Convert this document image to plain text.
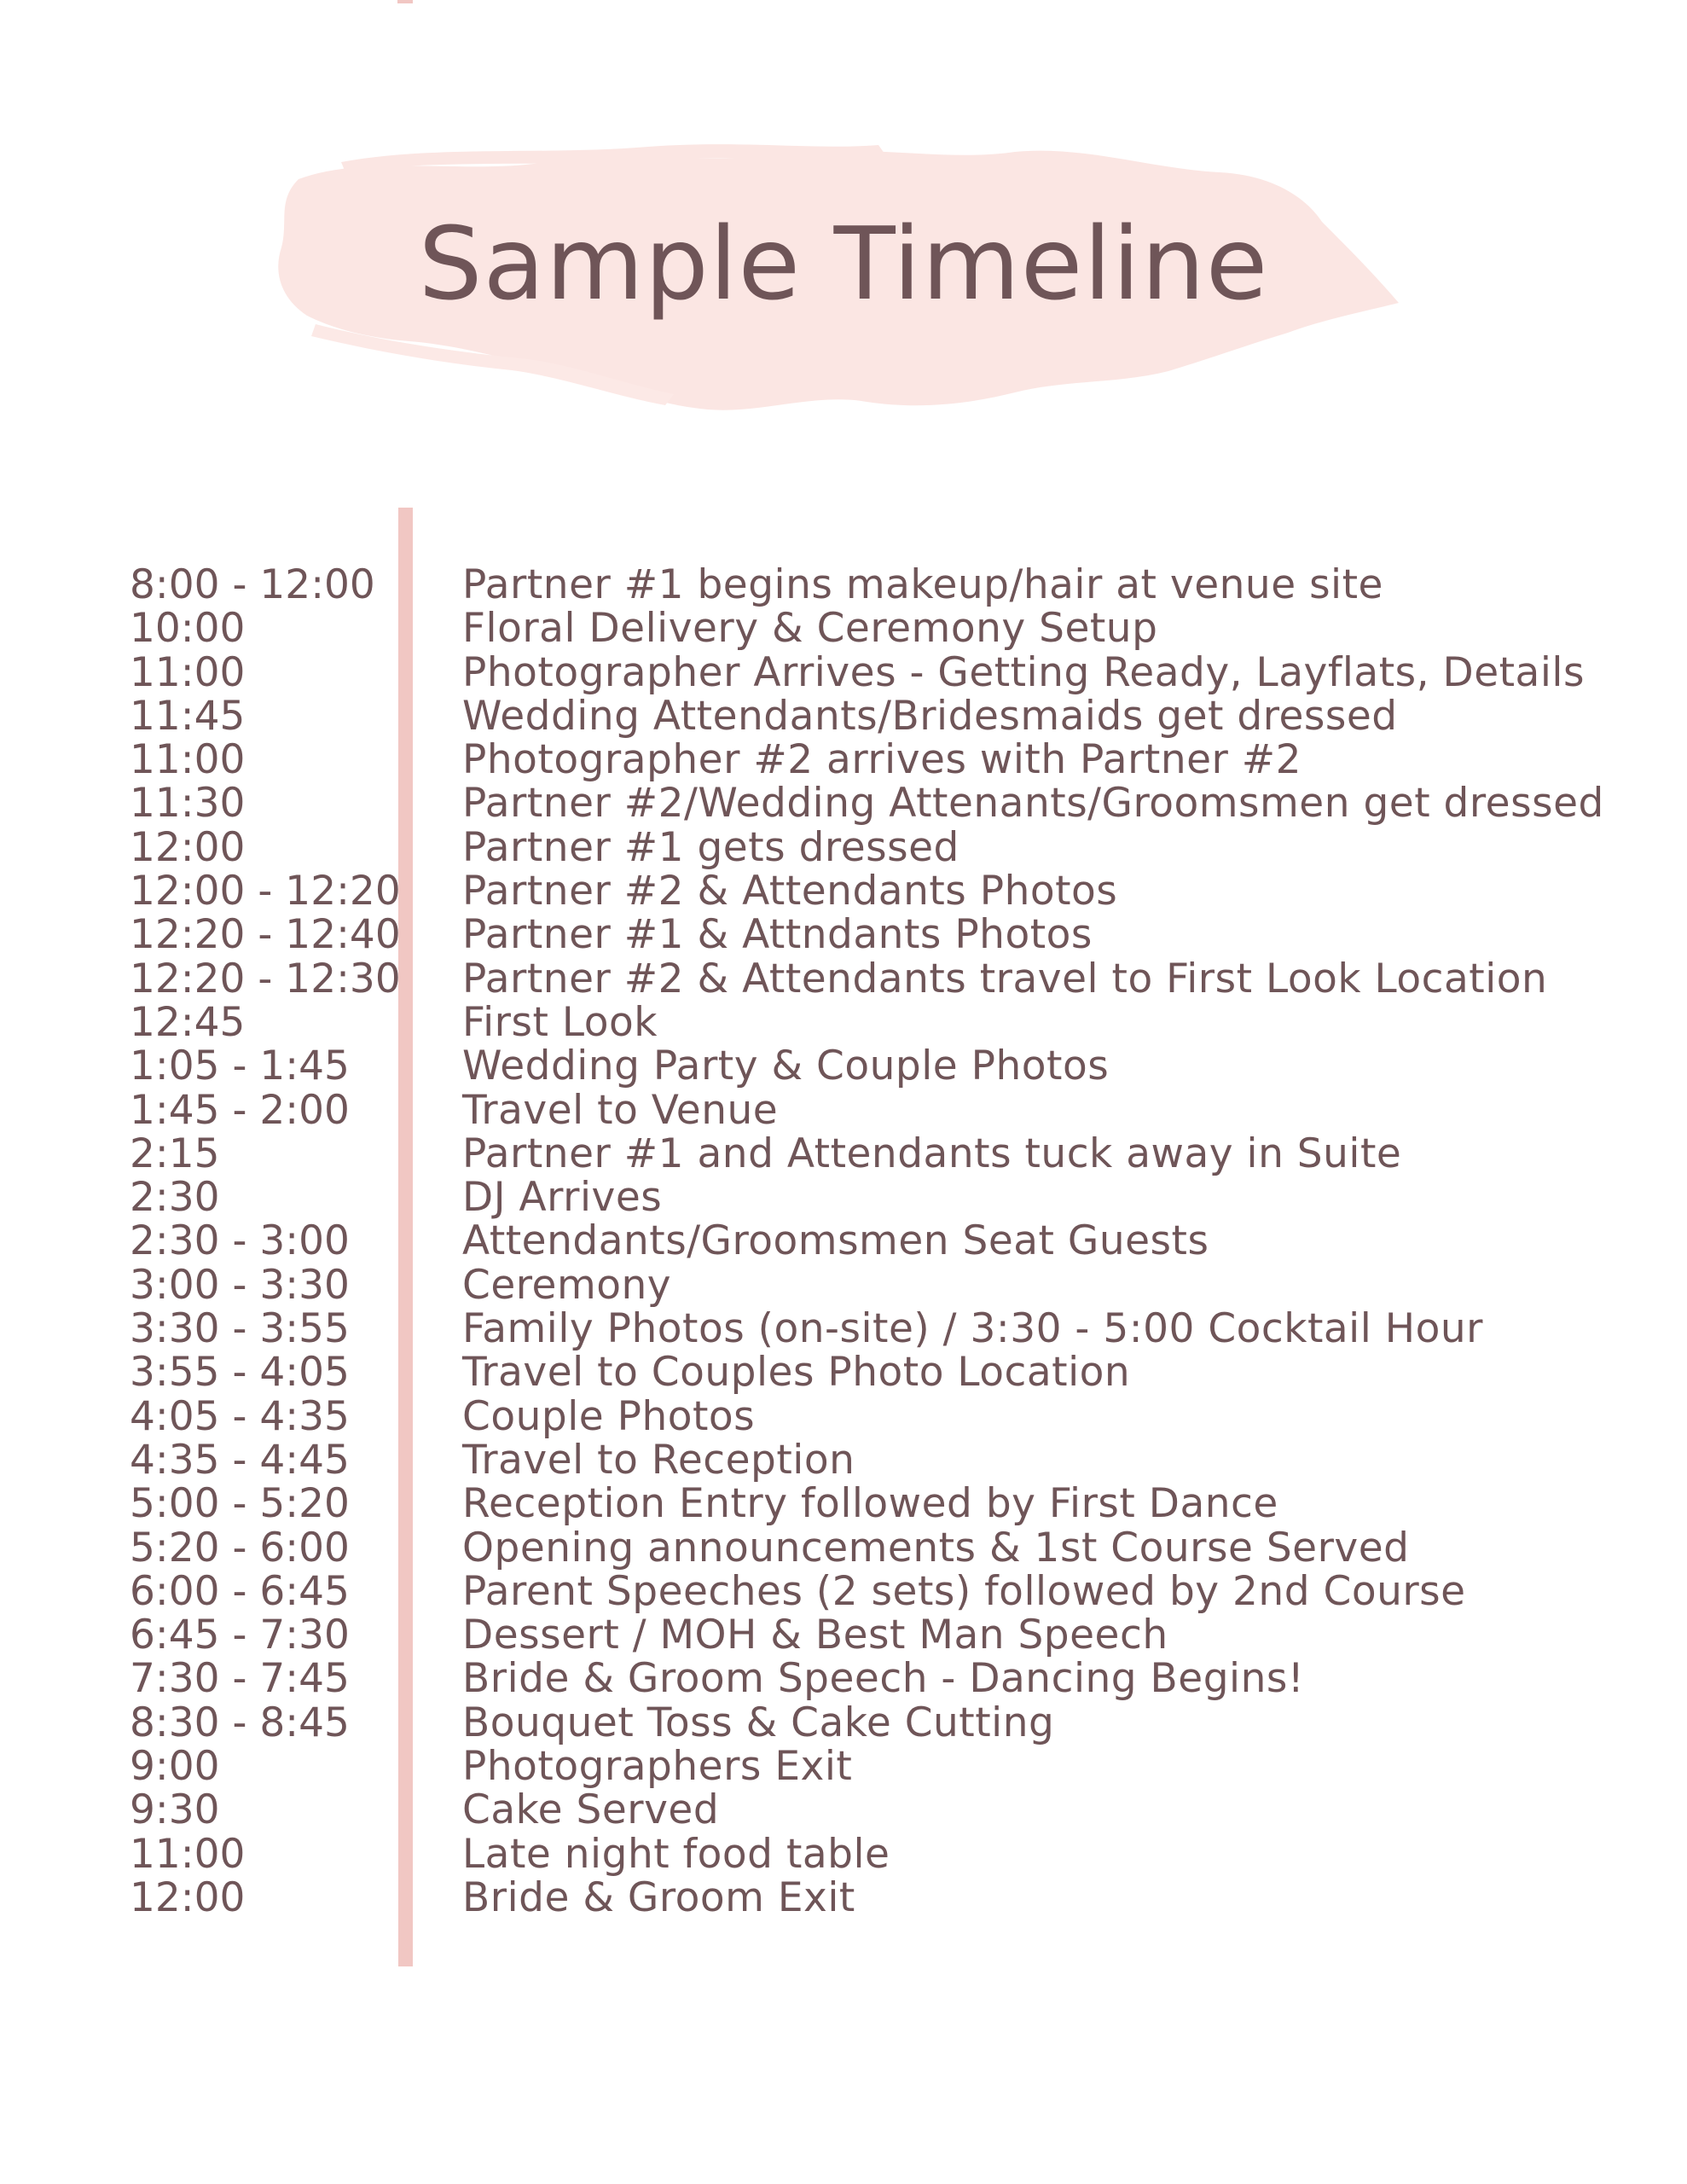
Sample Timeline
8:00 - 12:00 Partner #1 begins makeup/hair at venue site
10:00	Floral Delivery & Ceremony Setup
11:00	Photographer Arrives - Getting Ready, Layflats, Details
11:45	Wedding Attendants/Bridesmaids get dressed
11:00	Photographer #2 arrives with Partner #2
11:30	Partner #2/Wedding Attenants/Groomsmen get dressed
12:00	Partner #1 gets dressed
12:00 - 12:20 Partner #2 & Attendants Photos
12:20 - 12:40 Partner #1 & Attndants Photos
12:20 - 12:30 Partner #2 & Attendants travel to First Look Location
12:45	First Look
1:05 - 1:45	Wedding Party & Couple Photos
1:45 - 2:00	Travel to Venue
2:15	Partner #1 and Attendants tuck away in Suite
2:30	DJ Arrives
2:30 - 3:00	Attendants/Groomsmen Seat Guests
3:00 - 3:30	Ceremony
3:30 - 3:55	Family Photos (on-site) / 3:30 - 5:00 Cocktail Hour
3:55 - 4:05	Travel to Couples Photo Location
4:05 - 4:35	Couple Photos
4:35 - 4:45	Travel to Reception
5:00 - 5:20	Reception Entry followed by First Dance
5:20 - 6:00	Opening announcements & 1st Course Served
6:00 - 6:45	Parent Speeches (2 sets) followed by 2nd Course
6:45 - 7:30	Dessert / MOH & Best Man Speech
7:30 - 7:45	Bride & Groom Speech - Dancing Begins!
8:30 - 8:45	Bouquet Toss & Cake Cutting
9:00	Photographers Exit
9:30	Cake Served
11:00	Late night food table
12:00	Bride & Groom Exit
